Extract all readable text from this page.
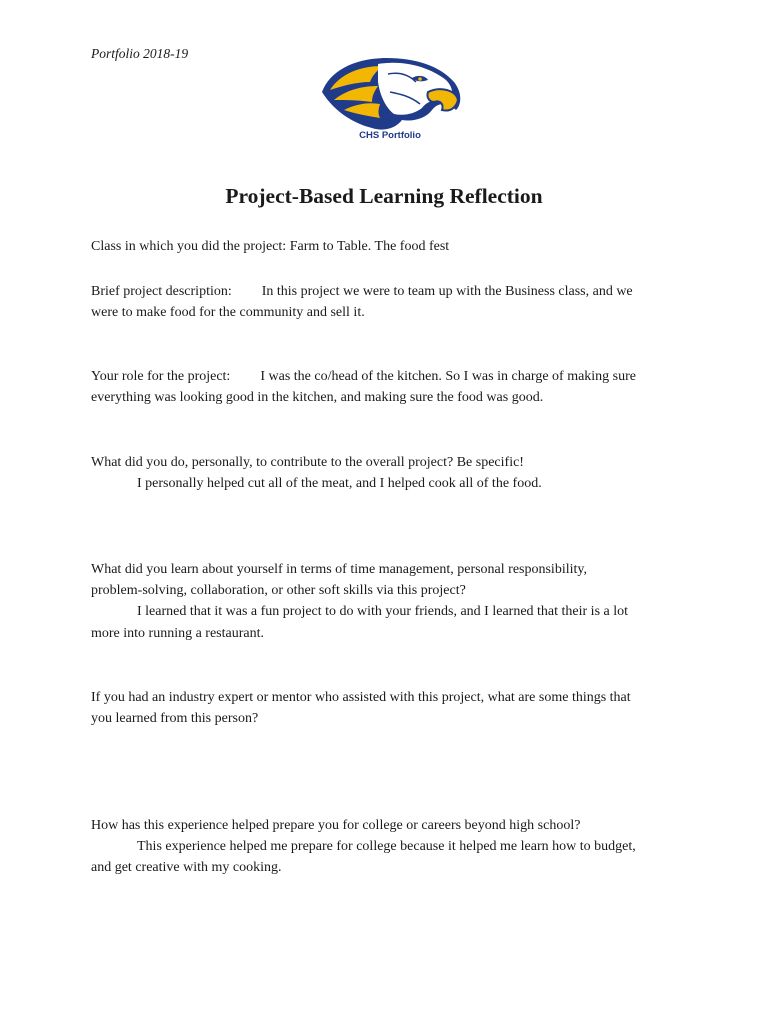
Portfolio 2018-19
CHS Portfolio
Project-Based Learning Reflection
Class in which you did the project: Farm to Table. The food fest
Brief project description: In this project we were to team up with the Business class, and we
were to make food for the community and sell it.
Your role for the project: I was the co/head of the kitchen. So I was in charge of making sure
everything was looking good in the kitchen, and making sure the food was good.
What did you do, personally, to contribute to the overall project? Be specific!
I personally helped cut all of the meat, and I helped cook all of the food.
What did you learn about yourself in terms of time management, personal responsibility,
problem-solving, collaboration, or other soft skills via this project?
I learned that it was a fun project to do with your friends, and I learned that their is a lot
more into running a restaurant.
If you had an industry expert or mentor who assisted with this project, what are some things that
you learned from this person?
How has this experience helped prepare you for college or careers beyond high school?
This experience helped me prepare for college because it helped me learn how to budget,
and get creative with my cooking.
